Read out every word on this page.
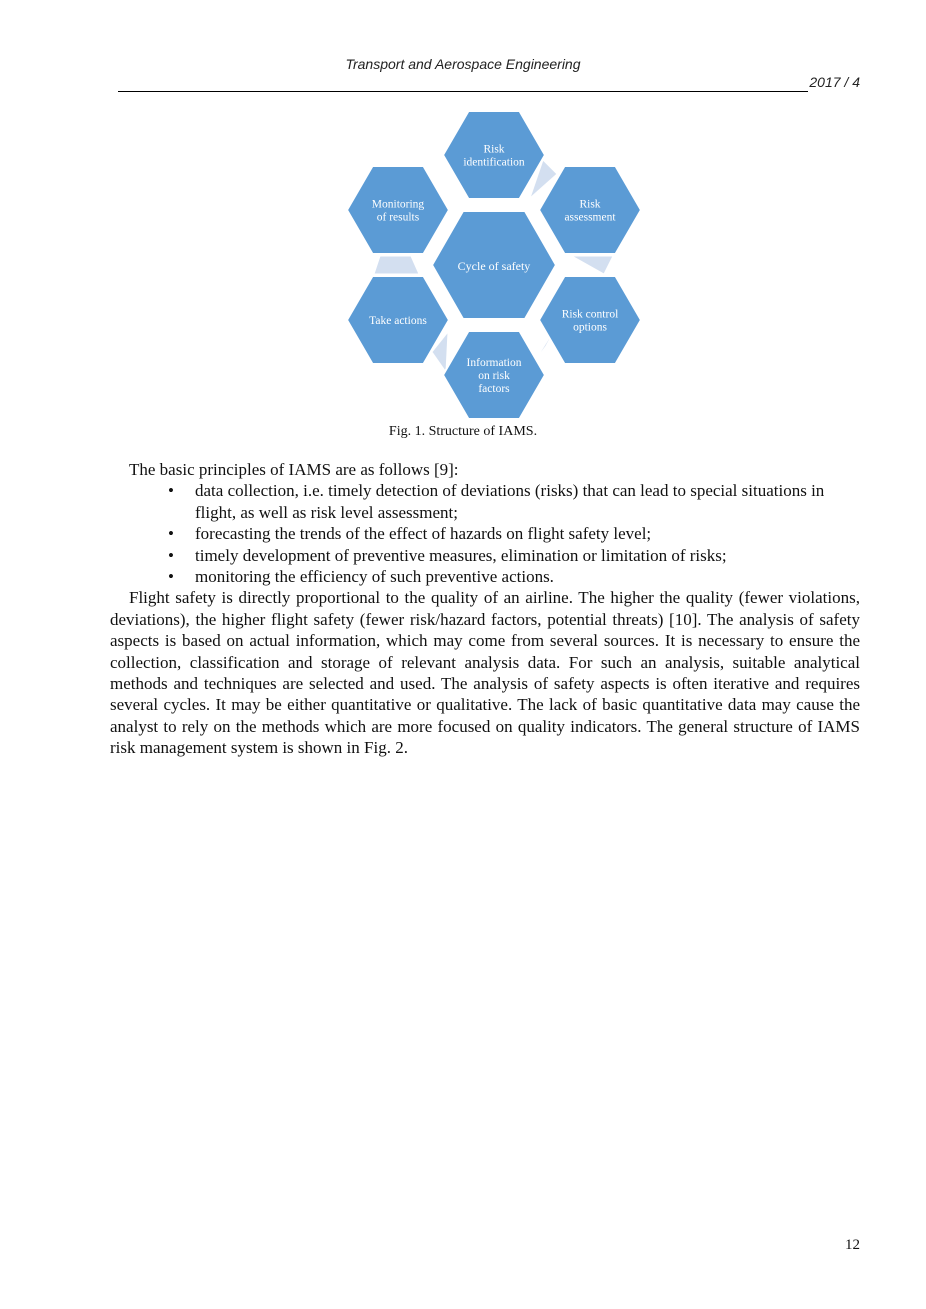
Transport and Aerospace Engineering
2017 / 4
Cycle of safety
Risk
identification
Risk
assessment
Risk control
options
Information
on risk
factors
Take actions
Monitoring
of results
Fig. 1. Structure of IAMS.

The basic principles of IAMS are as follows [9]:

• data collection, i.e. timely detection of deviations (risks) that can lead to special situations in flight, as well as risk level assessment;
• forecasting the trends of the effect of hazards on flight safety level;
• timely development of preventive measures, elimination or limitation of risks;
• monitoring the efficiency of such preventive actions.

Flight safety is directly proportional to the quality of an airline. The higher the quality (fewer violations, deviations), the higher flight safety (fewer risk/hazard factors, potential threats) [10]. The analysis of safety aspects is based on actual information, which may come from several sources. It is necessary to ensure the collection, classification and storage of relevant analysis data. For such an analysis, suitable analytical methods and techniques are selected and used. The analysis of safety aspects is often iterative and requires several cycles. It may be either quantitative or qualitative. The lack of basic quantitative data may cause the analyst to rely on the methods which are more focused on quality indicators. The general structure of IAMS risk management system is shown in Fig. 2.

12
